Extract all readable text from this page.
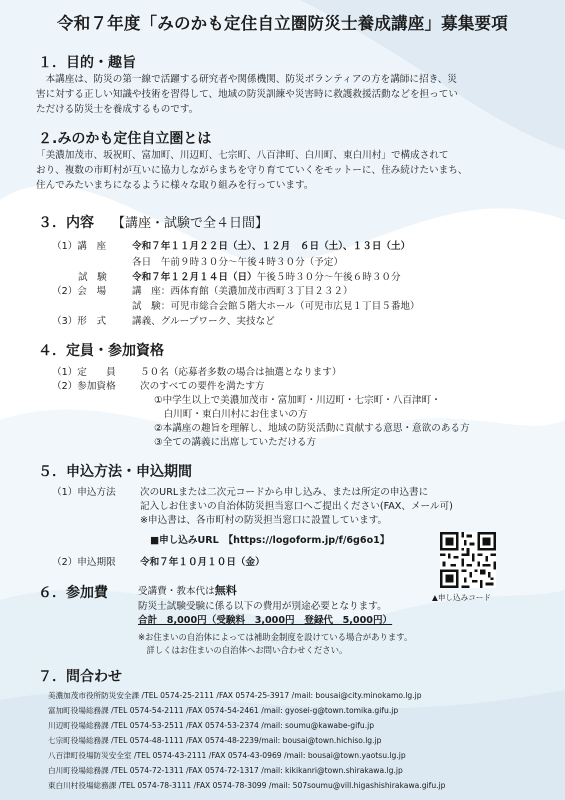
令和７年度「みのかも定住自立圏防災士養成講座」募集要項
１．目的・趣旨
　本講座は、防災の第一線で活躍する研究者や関係機関、防災ボランティアの方を講師に招き、災
害に対する正しい知識や技術を習得して、地域の防災訓練や災害時に救護救援活動などを担ってい
ただける防災士を養成するものです。
２.みのかも定住自立圏とは
「美濃加茂市、坂祝町、富加町、川辺町、七宗町、八百津町、白川町、東白川村」で構成されて
おり、複数の市町村が互いに協力しながらまちを守り育てていくをモットーに、住み続けたいまち、
住んでみたいまちになるように様々な取り組みを行っています。
３．内容 【講座・試験で全４日間】
（1）講　座	令和７年１１月２２日（土）、１２月　６日（土）、１３日（土）
各日　午前９時３０分～午後４時３０分（予定）
試　験	令和７年１２月１４日（日）午後５時３０分～午後６時３０分
（2）会　場	講　座：西体育館（美濃加茂市西町３丁目２３２）
試　験：可児市総合会館５階大ホール（可児市広見１丁目５番地）
（3）形　式	講義、グループワーク、実技など
４．定員・参加資格
（1）定　　員	５０名（応募者多数の場合は抽選となります）
（2）参加資格	次のすべての要件を満たす方
①中学生以上で美濃加茂市・富加町・川辺町・七宗町・八百津町・
　白川町・東白川村にお住まいの方
②本講座の趣旨を理解し、地域の防災活動に貢献する意思・意欲のある方
③全ての講義に出席していただける方
５．申込方法・申込期間
（1）申込方法	次のURLまたは二次元コードから申し込み、または所定の申込書に
記入しお住まいの自治体防災担当窓口へご提出ください(FAX、メール可)
※申込書は、各市町村の防災担当窓口に設置しています。
■申し込みURL　【https://logoform.jp/f/6g6o1】
（2）申込期限	令和７年１０月１０日（金）
▲申し込みコード
６．参加費	受講費・教本代は無料
防災士試験受験に係る以下の費用が別途必要となります。
合計　8,000円（受験料　3,000円　登録代　5,000円）
※お住まいの自治体によっては補助金制度を設けている場合があります。
　詳しくはお住まいの自治体へお問い合わせください。
７．問合わせ
美濃加茂市役所防災安全課 /TEL 0574-25-2111 /FAX 0574-25-3917 /mail: bousai@city.minokamo.lg.jp
富加町役場総務課 /TEL 0574-54-2111 /FAX 0574-54-2461 /mail: gyosei-g@town.tomika.gifu.jp
川辺町役場総務課 /TEL 0574-53-2511 /FAX 0574-53-2374 /mail: soumu@kawabe-gifu.jp
七宗町役場総務課 /TEL 0574-48-1111 /FAX 0574-48-2239/mail: bousai@town.hichiso.lg.jp
八百津町役場防災安全室 /TEL 0574-43-2111 /FAX 0574-43-0969 /mail: bousai@town.yaotsu.lg.jp
白川町役場総務課 /TEL 0574-72-1311 /FAX 0574-72-1317 /mail: kikikanri@town.shirakawa.lg.jp
東白川村役場総務課 /TEL 0574-78-3111 /FAX 0574-78-3099 /mail: 507soumu@vill.higashishirakawa.gifu.jp
